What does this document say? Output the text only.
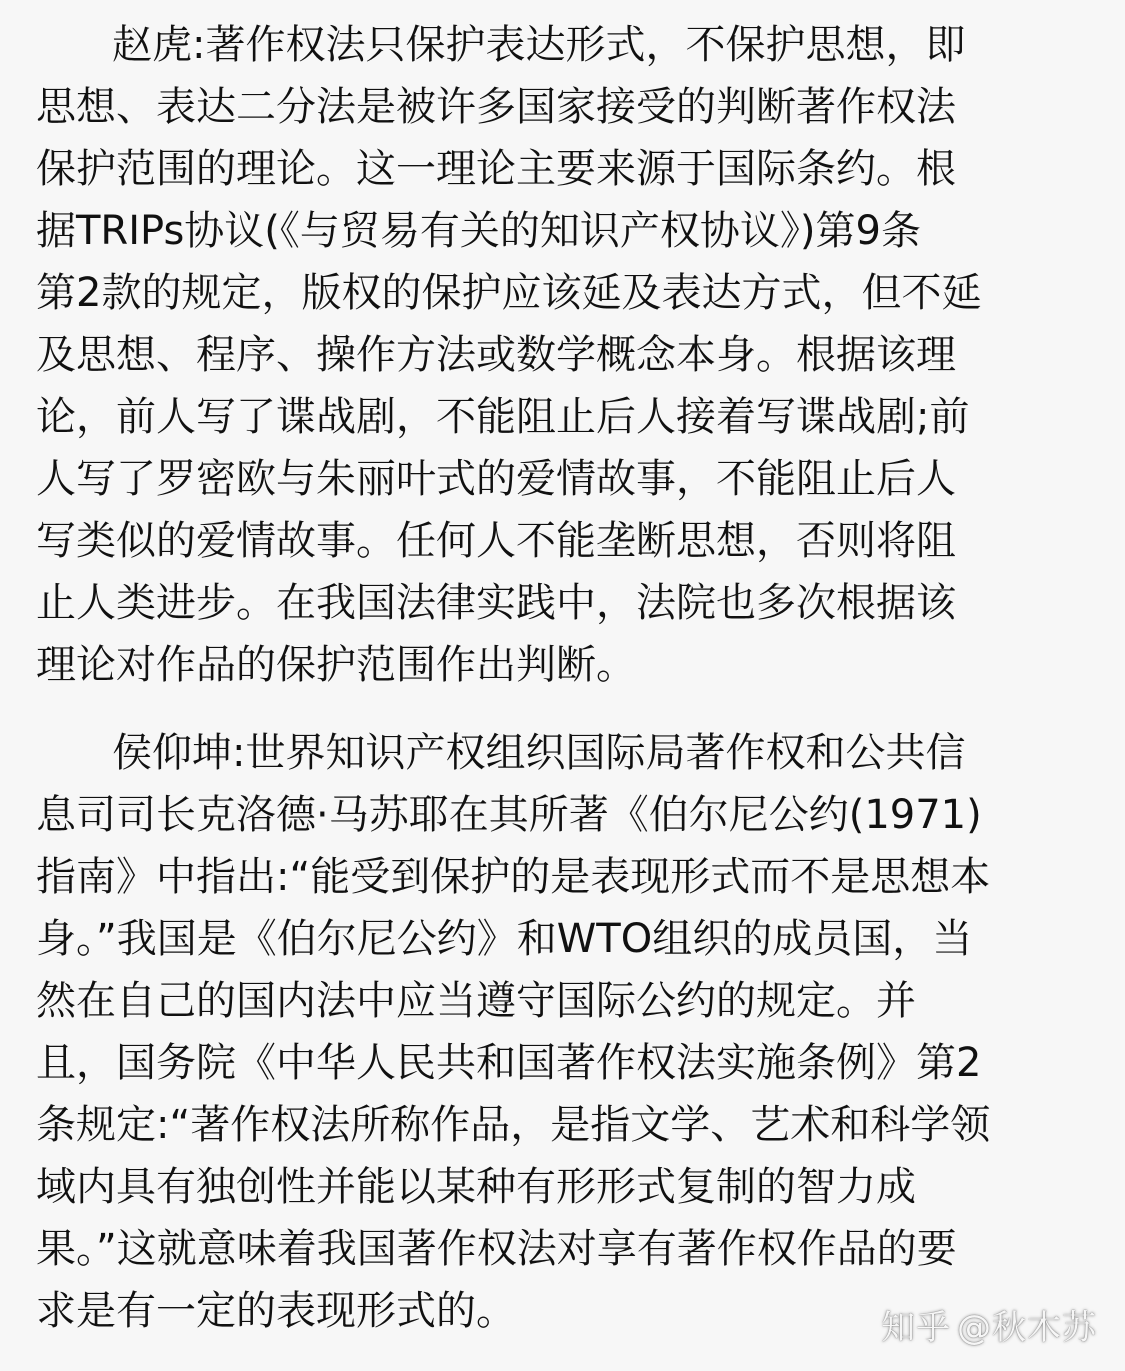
赵虎:著作权法只保护表达形式，不保护思想，即
思想、表达二分法是被许多国家接受的判断著作权法
保护范围的理论。这一理论主要来源于国际条约。根
据TRIPs协议(《与贸易有关的知识产权协议》)第9条
第2款的规定，版权的保护应该延及表达方式，但不延
及思想、程序、操作方法或数学概念本身。根据该理
论，前人写了谍战剧，不能阻止后人接着写谍战剧;前
人写了罗密欧与朱丽叶式的爱情故事，不能阻止后人
写类似的爱情故事。任何人不能垄断思想，否则将阻
止人类进步。在我国法律实践中，法院也多次根据该
理论对作品的保护范围作出判断。
侯仰坤:世界知识产权组织国际局著作权和公共信
息司司长克洛德·马苏耶在其所著《伯尔尼公约(1971)
指南》中指出:“能受到保护的是表现形式而不是思想本
身。”我国是《伯尔尼公约》和WTO组织的成员国，当
然在自己的国内法中应当遵守国际公约的规定。并
且，国务院《中华人民共和国著作权法实施条例》第2
条规定:“著作权法所称作品，是指文学、艺术和科学领
域内具有独创性并能以某种有形形式复制的智力成
果。”这就意味着我国著作权法对享有著作权作品的要
求是有一定的表现形式的。	知乎 @秋木苏
